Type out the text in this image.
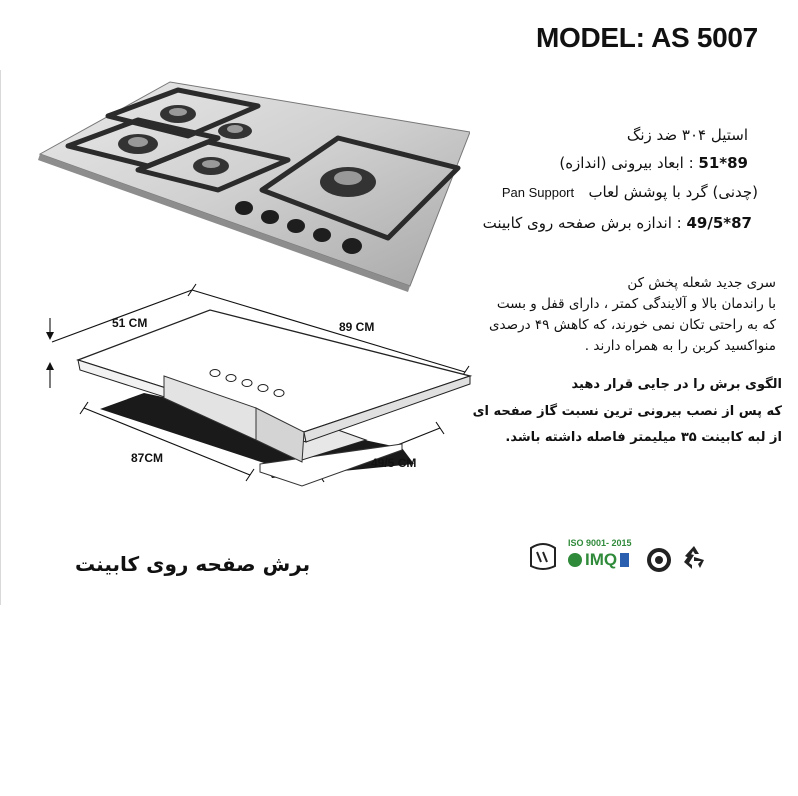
MODEL: AS 5007
استیل ۳۰۴ ضد زنگ
89*51 : ابعاد بیرونی (اندازه)
(چدنی) گرد با پوشش لعاب   Pan Support
87*49/5 : اندازه برش صفحه روی کابینت
سری جدید شعله پخش کن
با راندمان بالا و آلایندگی کمتر ، دارای قفل و بست
که به راحتی تکان نمی خورند، که کاهش ۴۹ درصدی
منواکسید کربن را به همراه دارند .
الگوی برش را در جایی قرار دهید
که پس از نصب بیرونی ترین نسبت گاز صفحه ای
از لبه کابینت ۳۵ میلیمتر فاصله داشته باشد.
51 CM	89 CM
87CM	49/5 CM
برش صفحه روی کابینت
ISO 9001- 2015
IMQ
